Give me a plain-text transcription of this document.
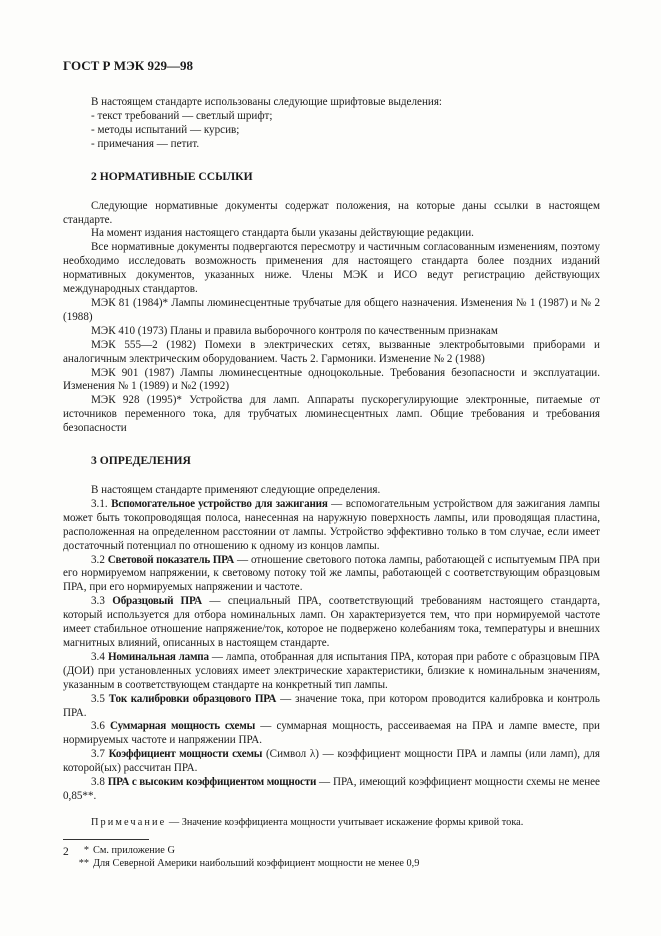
ГОСТ Р МЭК 929—98

В настоящем стандарте использованы следующие шрифтовые выделения:

- текст требований — светлый шрифт;

- методы испытаний — курсив;

- примечания — петит.

2 НОРМАТИВНЫЕ ССЫЛКИ

Следующие нормативные документы содержат положения, на которые даны ссылки в настоящем стандарте.

На момент издания настоящего стандарта были указаны действующие редакции.

Все нормативные документы подвергаются пересмотру и частичным согласованным изменениям, поэтому необходимо исследовать возможность применения для настоящего стандарта более поздних изданий нормативных документов, указанных ниже. Члены МЭК и ИСО ведут регистрацию действующих международных стандартов.

МЭК 81 (1984)* Лампы люминесцентные трубчатые для общего назначения. Изменения № 1 (1987) и № 2 (1988)

МЭК 410 (1973) Планы и правила выборочного контроля по качественным признакам

МЭК 555—2 (1982) Помехи в электрических сетях, вызванные электробытовыми приборами и аналогичным электрическим оборудованием. Часть 2. Гармоники. Изменение № 2 (1988)

МЭК 901 (1987) Лампы люминесцентные одноцокольные. Требования безопасности и эксплуатации. Изменения № 1 (1989) и №2 (1992)

МЭК 928 (1995)* Устройства для ламп. Аппараты пускорегулирующие электронные, питаемые от источников переменного тока, для трубчатых люминесцентных ламп. Общие требования и требования безопасности

3 ОПРЕДЕЛЕНИЯ

В настоящем стандарте применяют следующие определения.

3.1. Вспомогательное устройство для зажигания — вспомогательным устройством для зажигания лампы может быть токопроводящая полоса, нанесенная на наружную поверхность лампы, или проводящая пластина, расположенная на определенном расстоянии от лампы. Устройство эффективно только в том случае, если имеет достаточный потенциал по отношению к одному из концов лампы.

3.2 Световой показатель ПРА — отношение светового потока лампы, работающей с испытуемым ПРА при его нормируемом напряжении, к световому потоку той же лампы, работающей с соответствующим образцовым ПРА, при его нормируемых напряжении и частоте.

3.3 Образцовый ПРА — специальный ПРА, соответствующий требованиям настоящего стандарта, который используется для отбора номинальных ламп. Он характеризуется тем, что при нормируемой частоте имеет стабильное отношение напряжение/ток, которое не подвержено колебаниям тока, температуры и внешних магнитных влияний, описанных в настоящем стандарте.

3.4 Номинальная лампа — лампа, отобранная для испытания ПРА, которая при работе с образцовым ПРА (ДОИ) при установленных условиях имеет электрические характеристики, близкие к номинальным значениям, указанным в соответствующем стандарте на конкретный тип лампы.

3.5 Ток калибровки образцового ПРА — значение тока, при котором проводится калибровка и контроль ПРА.

3.6 Суммарная мощность схемы — суммарная мощность, рассеиваемая на ПРА и лампе вместе, при нормируемых частоте и напряжении ПРА.

3.7 Коэффициент мощности схемы (Символ λ) — коэффициент мощности ПРА и лампы (или ламп), для которой(ых) рассчитан ПРА.

3.8 ПРА с высоким коэффициентом мощности — ПРА, имеющий коэффициент мощности схемы не менее 0,85**.

Примечание — Значение коэффициента мощности учитывает искажение формы кривой тока.

* См. приложение G
** Для Северной Америки наибольший коэффициент мощности не менее 0,9
2
